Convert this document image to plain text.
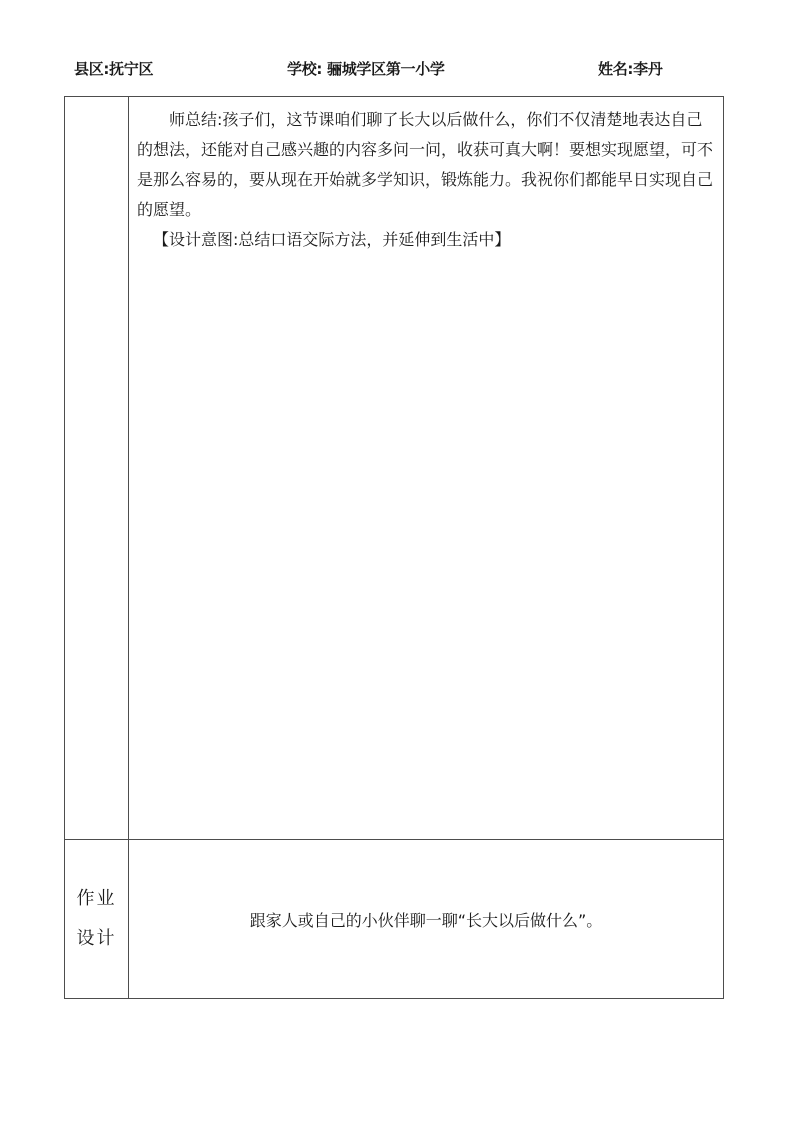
县区:抚宁区	学校: 骊城学区第一小学	姓名:李丹

师总结:孩子们，这节课咱们聊了长大以后做什么，你们不仅清楚地表达自己的想法，还能对自己感兴趣的内容多问一问，收获可真大啊！要想实现愿望，可不是那么容易的，要从现在开始就多学知识，锻炼能力。我祝你们都能早日实现自己的愿望。

【设计意图:总结口语交际方法，并延伸到生活中】

作业设计
跟家人或自己的小伙伴聊一聊“长大以后做什么”。
